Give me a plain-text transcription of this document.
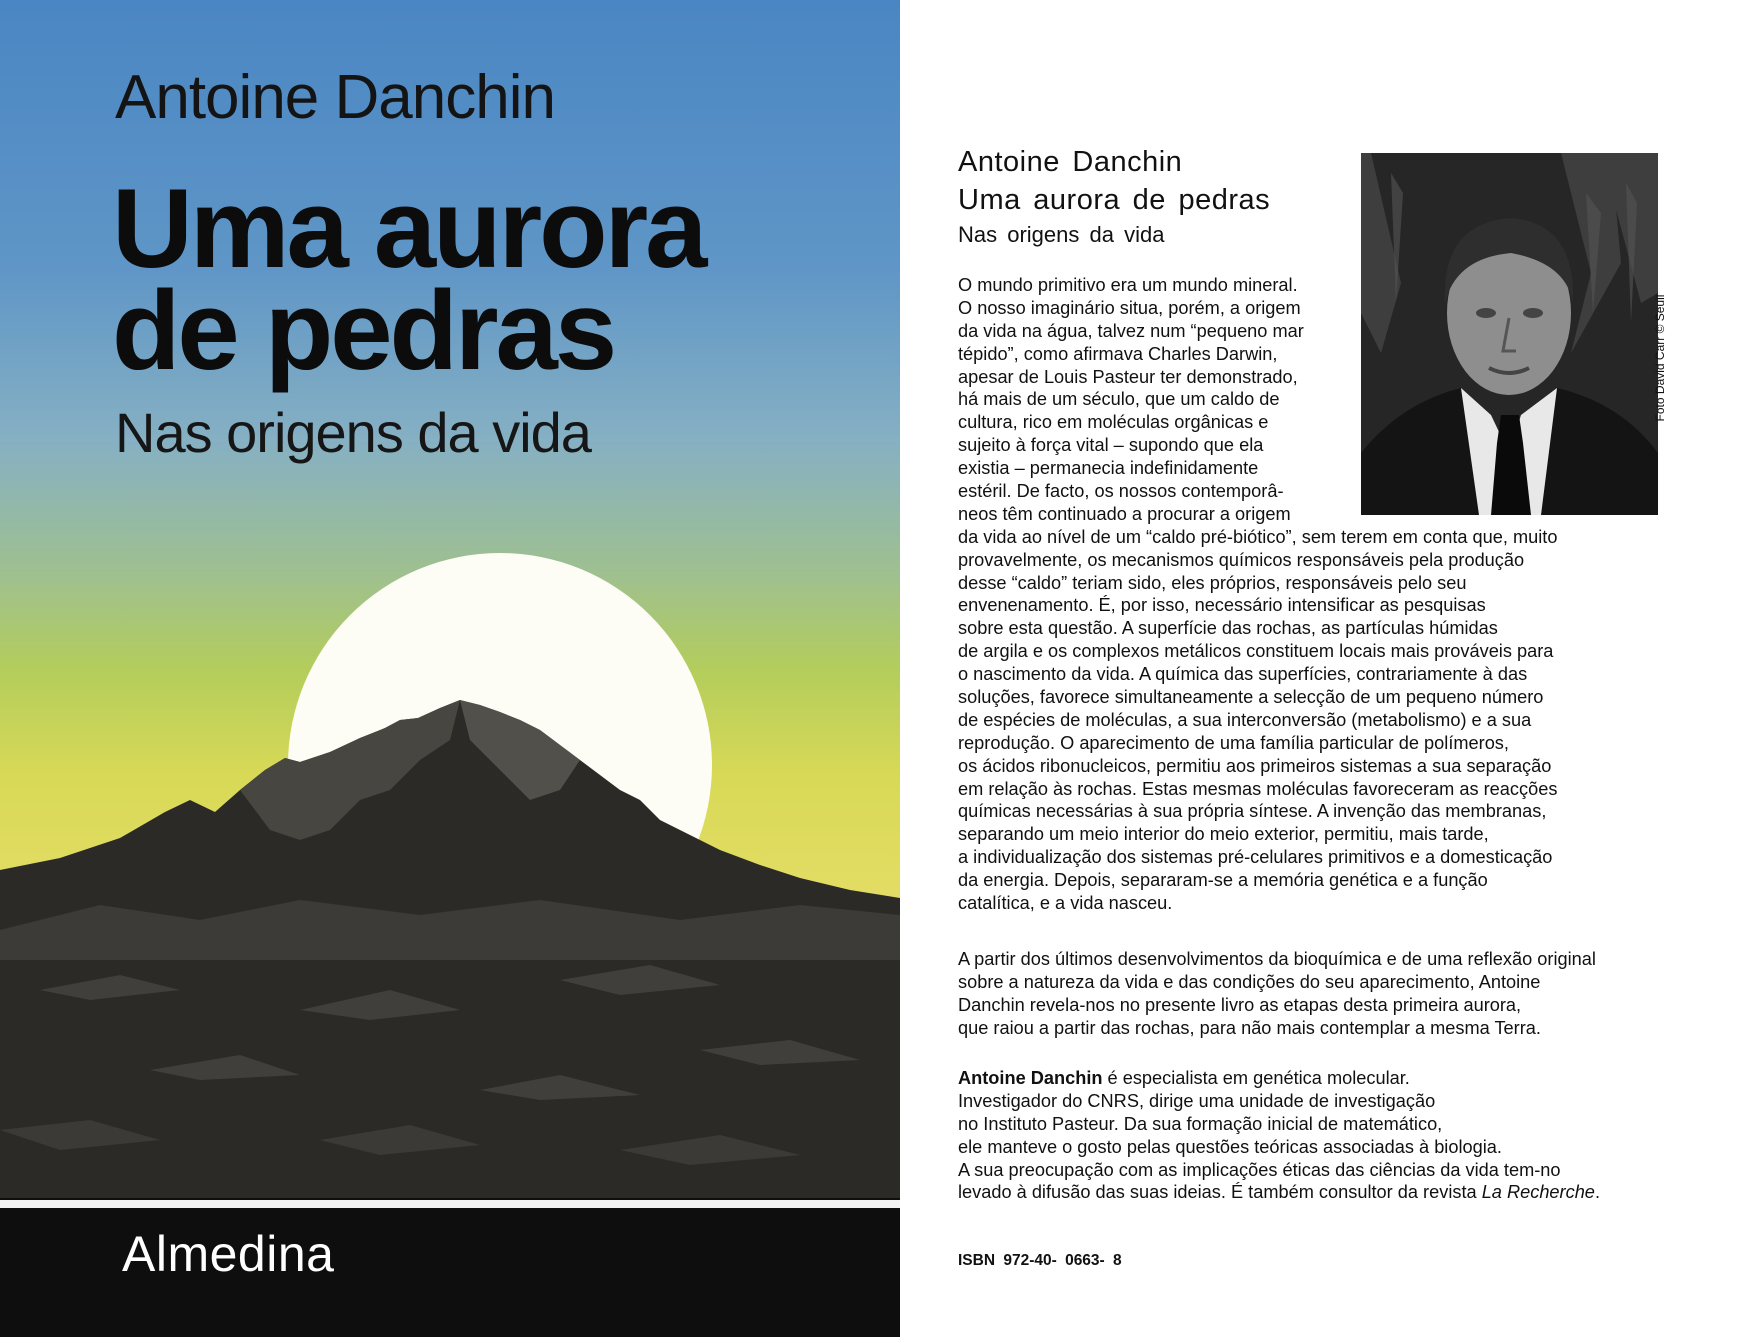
Antoine Danchin
Uma aurora
de pedras
Nas origens da vida
Almedina
Antoine Danchin
Uma aurora de pedras
Nas origens da vida
Foto David Carr © Seuil
O mundo primitivo era um mundo mineral.
O nosso imaginário situa, porém, a origem
da vida na água, talvez num “pequeno mar
tépido”, como afirmava Charles Darwin,
apesar de Louis Pasteur ter demonstrado,
há mais de um século, que um caldo de
cultura, rico em moléculas orgânicas e
sujeito à força vital – supondo que ela
existia – permanecia indefinidamente
estéril. De facto, os nossos contemporâ-
neos têm continuado a procurar a origem
da vida ao nível de um “caldo pré-biótico”, sem terem em conta que, muito
provavelmente, os mecanismos químicos responsáveis pela produção
desse “caldo” teriam sido, eles próprios, responsáveis pelo seu
envenenamento. É, por isso, necessário intensificar as pesquisas
sobre esta questão. A superfície das rochas, as partículas húmidas
de argila e os complexos metálicos constituem locais mais prováveis para
o nascimento da vida. A química das superfícies, contrariamente à das
soluções, favorece simultaneamente a selecção de um pequeno número
de espécies de moléculas, a sua interconversão (metabolismo) e a sua
reprodução. O aparecimento de uma família particular de polímeros,
os ácidos ribonucleicos, permitiu aos primeiros sistemas a sua separação
em relação às rochas. Estas mesmas moléculas favoreceram as reacções
químicas necessárias à sua própria síntese. A invenção das membranas,
separando um meio interior do meio exterior, permitiu, mais tarde,
a individualização dos sistemas pré-celulares primitivos e a domesticação
da energia. Depois, separaram-se a memória genética e a função
catalítica, e a vida nasceu.
A partir dos últimos desenvolvimentos da bioquímica e de uma reflexão original
sobre a natureza da vida e das condições do seu aparecimento, Antoine
Danchin revela-nos no presente livro as etapas desta primeira aurora,
que raiou a partir das rochas, para não mais contemplar a mesma Terra.
Antoine Danchin é especialista em genética molecular.
Investigador do CNRS, dirige uma unidade de investigação
no Instituto Pasteur. Da sua formação inicial de matemático,
ele manteve o gosto pelas questões teóricas associadas à biologia.
A sua preocupação com as implicações éticas das ciências da vida tem-no
levado à difusão das suas ideias. É também consultor da revista La Recherche.
ISBN 972-40- 0663- 8
